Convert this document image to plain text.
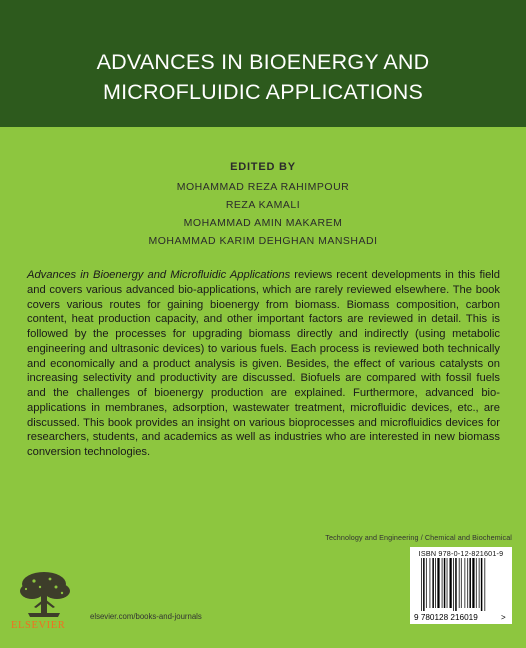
ADVANCES IN BIOENERGY AND
MICROFLUIDIC APPLICATIONS
EDITED BY
MOHAMMAD REZA RAHIMPOUR
REZA KAMALI
MOHAMMAD AMIN MAKAREM
MOHAMMAD KARIM DEHGHAN MANSHADI

Advances in Bioenergy and Microfluidic Applications reviews recent developments in this field and covers various advanced bio-applications, which are rarely reviewed elsewhere. The book covers various routes for gaining bioenergy from biomass. Biomass composition, carbon content, heat production capacity, and other important factors are reviewed in detail. This is followed by the processes for upgrading biomass directly and indirectly (using metabolic engineering and ultrasonic devices) to various fuels. Each process is reviewed both technically and economically and a product analysis is given. Besides, the effect of various catalysts on increasing selectivity and productivity are discussed. Biofuels are compared with fossil fuels and the challenges of bioenergy production are explained. Furthermore, advanced bio-applications in membranes, adsorption, wastewater treatment, microfluidic devices, etc., are discussed. This book provides an insight on various bioprocesses and microfluidics devices for researchers, students, and academics as well as industries who are interested in new biomass conversion technologies.

Technology and Engineering / Chemical and Biochemical
ELSEVIER
elsevier.com/books-and-journals
ISBN 978-0-12-821601-9
9 780128 216019	>
